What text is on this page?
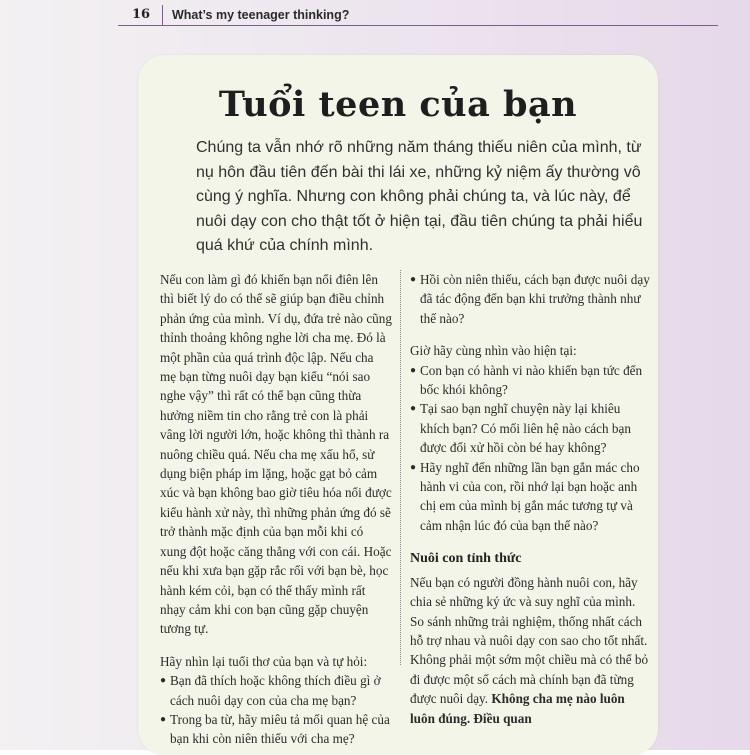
16	What’s my teenager thinking?
Tuổi teen của bạn

Chúng ta vẫn nhớ rõ những năm tháng thiếu niên của mình, từ nụ hôn đầu tiên đến bài thi lái xe, những kỷ niệm ấy thường vô cùng ý nghĩa. Nhưng con không phải chúng ta, và lúc này, để nuôi dạy con cho thật tốt ở hiện tại, đầu tiên chúng ta phải hiểu quá khứ của chính mình.

Nếu con làm gì đó khiến bạn nổi điên lên thì biết lý do có thể sẽ giúp bạn điều chỉnh phản ứng của mình. Ví dụ, đứa trẻ nào cũng thỉnh thoảng không nghe lời cha mẹ. Đó là một phần của quá trình độc lập. Nếu cha mẹ bạn từng nuôi dạy bạn kiểu “nói sao nghe vậy” thì rất có thể bạn cũng thừa hưởng niềm tin cho rằng trẻ con là phải vâng lời người lớn, hoặc không thì thành ra nuông chiều quá. Nếu cha mẹ xấu hổ, sử dụng biện pháp im lặng, hoặc gạt bỏ cảm xúc và bạn không bao giờ tiêu hóa nổi được kiểu hành xử này, thì những phản ứng đó sẽ trở thành mặc định của bạn mỗi khi có xung đột hoặc căng thẳng với con cái. Hoặc nếu khi xưa bạn gặp rắc rối với bạn bè, học hành kém cỏi, bạn có thể thấy mình rất nhạy cảm khi con bạn cũng gặp chuyện tương tự.

Hãy nhìn lại tuổi thơ của bạn và tự hỏi:

● Bạn đã thích hoặc không thích điều gì ở cách nuôi dạy con của cha mẹ bạn?
● Trong ba từ, hãy miêu tả mối quan hệ của bạn khi còn niên thiếu với cha mẹ?
● Hồi còn niên thiếu, cách bạn được nuôi dạy đã tác động đến bạn khi trưởng thành như thế nào?

Giờ hãy cùng nhìn vào hiện tại:

● Con bạn có hành vi nào khiến bạn tức đến bốc khói không?
● Tại sao bạn nghĩ chuyện này lại khiêu khích bạn? Có mối liên hệ nào cách bạn được đối xử hồi còn bé hay không?
● Hãy nghĩ đến những lần bạn gắn mác cho hành vi của con, rồi nhớ lại bạn hoặc anh chị em của mình bị gắn mác tương tự và cảm nhận lúc đó của bạn thế nào?
Nuôi con tỉnh thức

Nếu bạn có người đồng hành nuôi con, hãy chia sẻ những ký ức và suy nghĩ của mình. So sánh những trải nghiệm, thống nhất cách hỗ trợ nhau và nuôi dạy con sao cho tốt nhất. Không phải một sớm một chiều mà có thể bỏ đi được một số cách mà chính bạn đã từng được nuôi dạy. Không cha mẹ nào luôn luôn đúng. Điều quan
